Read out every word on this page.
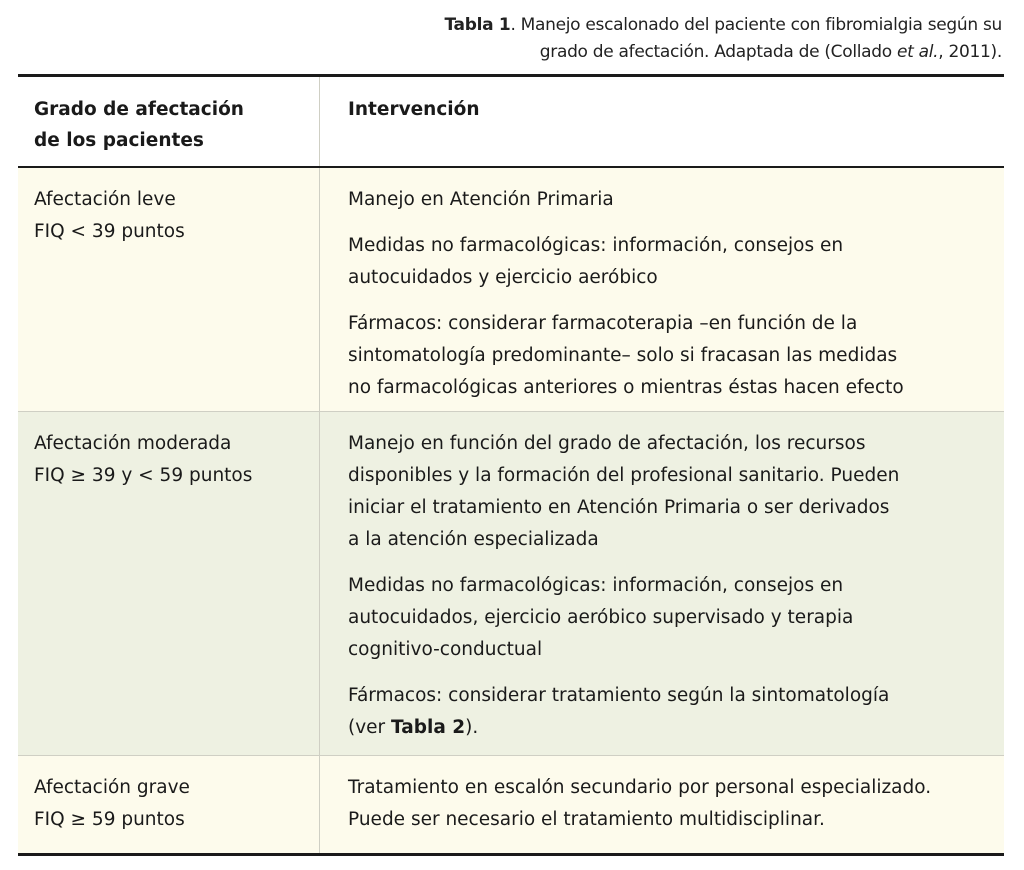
Tabla 1. Manejo escalonado del paciente con fibromialgia según su
grado de afectación. Adaptada de (Collado et al., 2011).
Grado de afectación
de los pacientes
Intervención
Afectación leve
FIQ < 39 puntos

Manejo en Atención Primaria

Medidas no farmacológicas: información, consejos en
autocuidados y ejercicio aeróbico

Fármacos: considerar farmacoterapia –en función de la
sintomatología predominante– solo si fracasan las medidas
no farmacológicas anteriores o mientras éstas hacen efecto

Afectación moderada
FIQ ≥ 39 y < 59 puntos

Manejo en función del grado de afectación, los recursos
disponibles y la formación del profesional sanitario. Pueden
iniciar el tratamiento en Atención Primaria o ser derivados
a la atención especializada

Medidas no farmacológicas: información, consejos en
autocuidados, ejercicio aeróbico supervisado y terapia
cognitivo-conductual

Fármacos: considerar tratamiento según la sintomatología
(ver Tabla 2).

Afectación grave
FIQ ≥ 59 puntos

Tratamiento en escalón secundario por personal especializado.
Puede ser necesario el tratamiento multidisciplinar.
